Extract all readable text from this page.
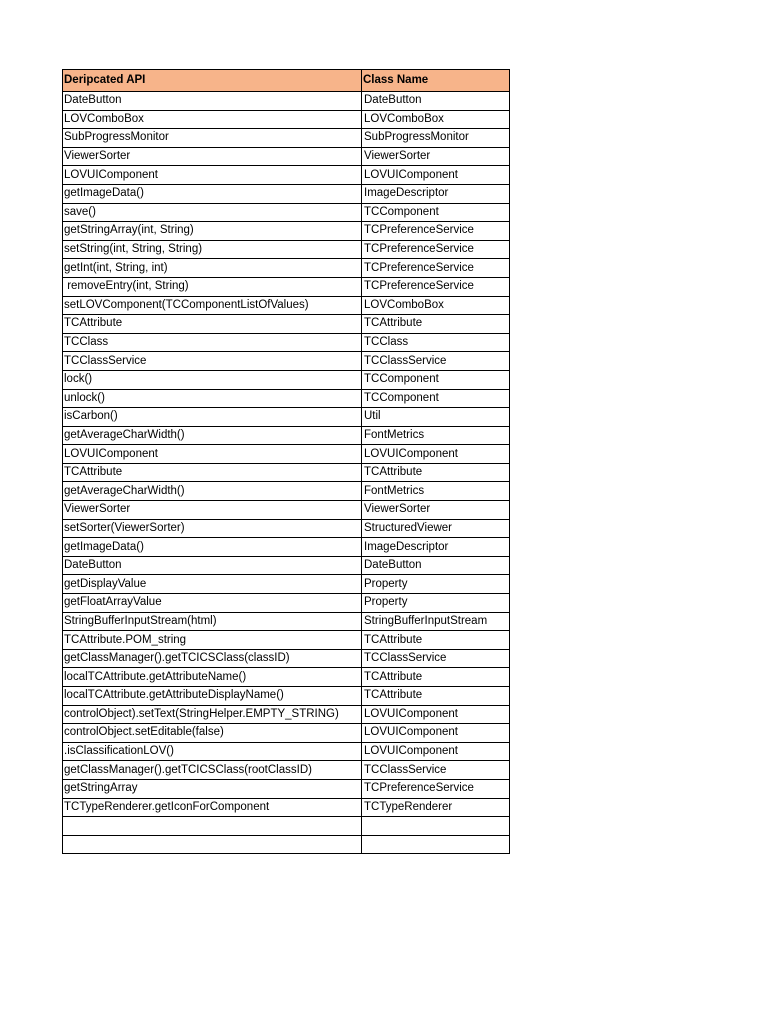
Deripcated API	Class Name
DateButton	DateButton
LOVComboBox	LOVComboBox
SubProgressMonitor	SubProgressMonitor
ViewerSorter	ViewerSorter
LOVUIComponent	LOVUIComponent
getImageData()	ImageDescriptor
save()	TCComponent
getStringArray(int, String)	TCPreferenceService
setString(int, String, String)	TCPreferenceService
getInt(int, String, int)	TCPreferenceService
removeEntry(int, String)	TCPreferenceService
setLOVComponent(TCComponentListOfValues)	LOVComboBox
TCAttribute	TCAttribute
TCClass	TCClass
TCClassService	TCClassService
lock()	TCComponent
unlock()	TCComponent
isCarbon()	Util
getAverageCharWidth()	FontMetrics
LOVUIComponent	LOVUIComponent
TCAttribute	TCAttribute
getAverageCharWidth()	FontMetrics
ViewerSorter	ViewerSorter
setSorter(ViewerSorter)	StructuredViewer
getImageData()	ImageDescriptor
DateButton	DateButton
getDisplayValue	Property
getFloatArrayValue	Property
StringBufferInputStream(html)	StringBufferInputStream
TCAttribute.POM_string	TCAttribute
getClassManager().getTCICSClass(classID)	TCClassService
localTCAttribute.getAttributeName()	TCAttribute
localTCAttribute.getAttributeDisplayName()	TCAttribute
controlObject).setText(StringHelper.EMPTY_STRING)	LOVUIComponent
controlObject.setEditable(false)	LOVUIComponent
.isClassificationLOV()	LOVUIComponent
getClassManager().getTCICSClass(rootClassID)	TCClassService
getStringArray	TCPreferenceService
TCTypeRenderer.getIconForComponent	TCTypeRenderer
